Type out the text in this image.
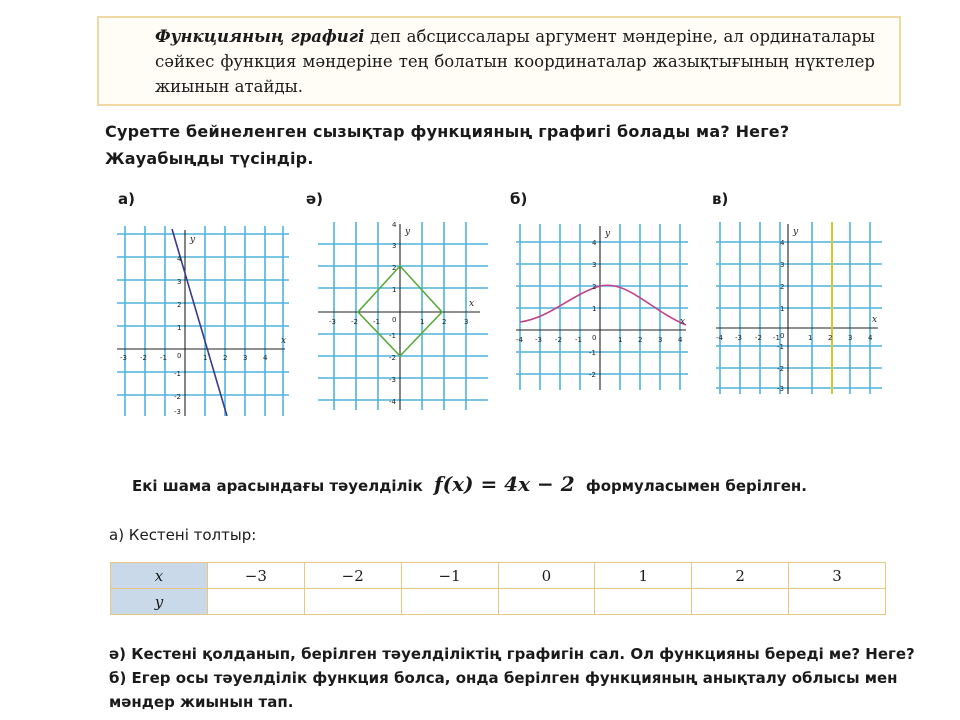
Функцияның графигі деп абсциссалары аргумент мәндеріне, ал ординаталары сәйкес функция мәндеріне тең болатын координаталар жазықтығының нүктелер жиынын атайды.
Суретте бейнеленген сызықтар функцияның графигі болады ма? Неге? Жауабыңды түсіндір.
а)	ә)	б)	в)
x
y
0
-3 -2 -1	1 2 3 4
4
3
2
1
-1
-2
-3
x
y
0
-3 -2 -1	1	2	3
4
3
2
1
-1
-2
-3
-4
x
y
0
-4 -3 -2 -1	1 2 3 4
4
3
2
1
-1
-2
x
y
0
-4 -3 -2 -1	1 2 3 4
4
3
2
1
-1
-2
-3
Екі шама арасындағы тәуелділік f(x) = 4x − 2 формуласымен берілген.
а) Кестені толтыр:
x	−3	−2	−1	0	1	2	3
y							
ә) Кестені қолданып, берілген тәуелділіктің графигін сал. Ол функцияны береді ме? Неге?
б) Егер осы тәуелділік функция болса, онда берілген функцияның анықталу облысы мен
мәндер жиынын тап.
